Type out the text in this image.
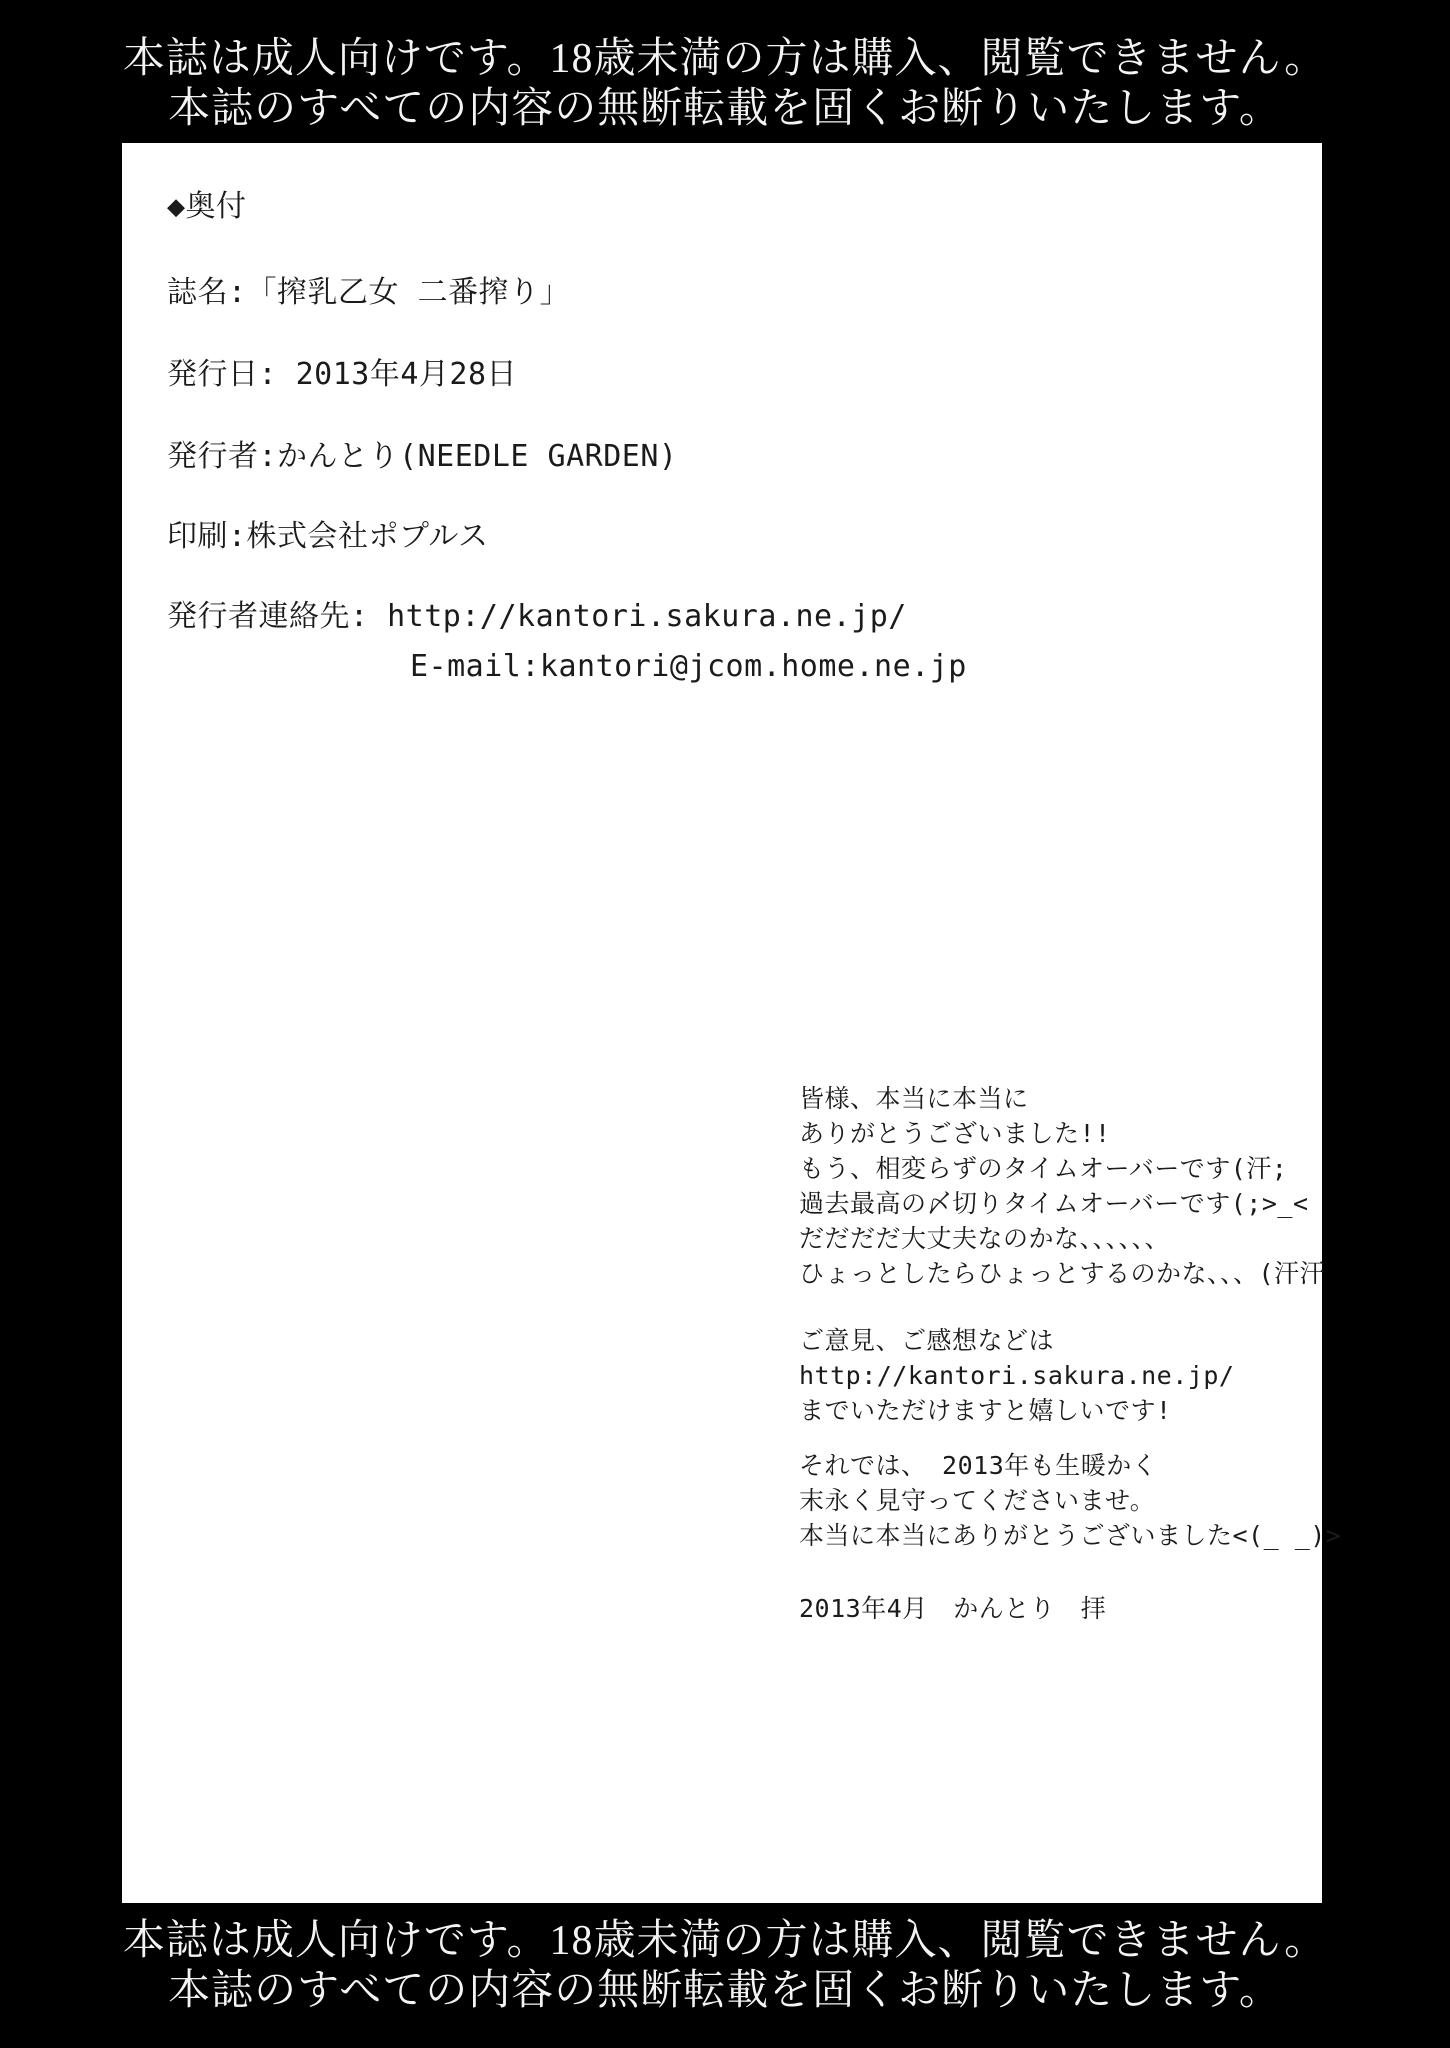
本誌は成人向けです。18歳未満の方は購入、閲覧できません。
本誌のすべての内容の無断転載を固くお断りいたします。
◆奥付
誌名:「搾乳乙女 二番搾り」
発行日: 2013年4月28日
発行者:かんとり(NEEDLE GARDEN)
印刷:株式会社ポプルス
発行者連絡先: http://kantori.sakura.ne.jp/
E-mail:kantori@jcom.home.ne.jp
皆様、本当に本当に
ありがとうございました!!
もう、相変らずのタイムオーバーです(汗;
過去最高の〆切りタイムオーバーです(;>_<
だだだだ大丈夫なのかな、、、、、、
ひょっとしたらひょっとするのかな、、、(汗汗
ご意見、ご感想などは
http://kantori.sakura.ne.jp/
までいただけますと嬉しいです!
それでは、 2013年も生暖かく
末永く見守ってくださいませ。
本当に本当にありがとうございました<(_ _)>
2013年4月　かんとり　拝
本誌は成人向けです。18歳未満の方は購入、閲覧できません。
本誌のすべての内容の無断転載を固くお断りいたします。
